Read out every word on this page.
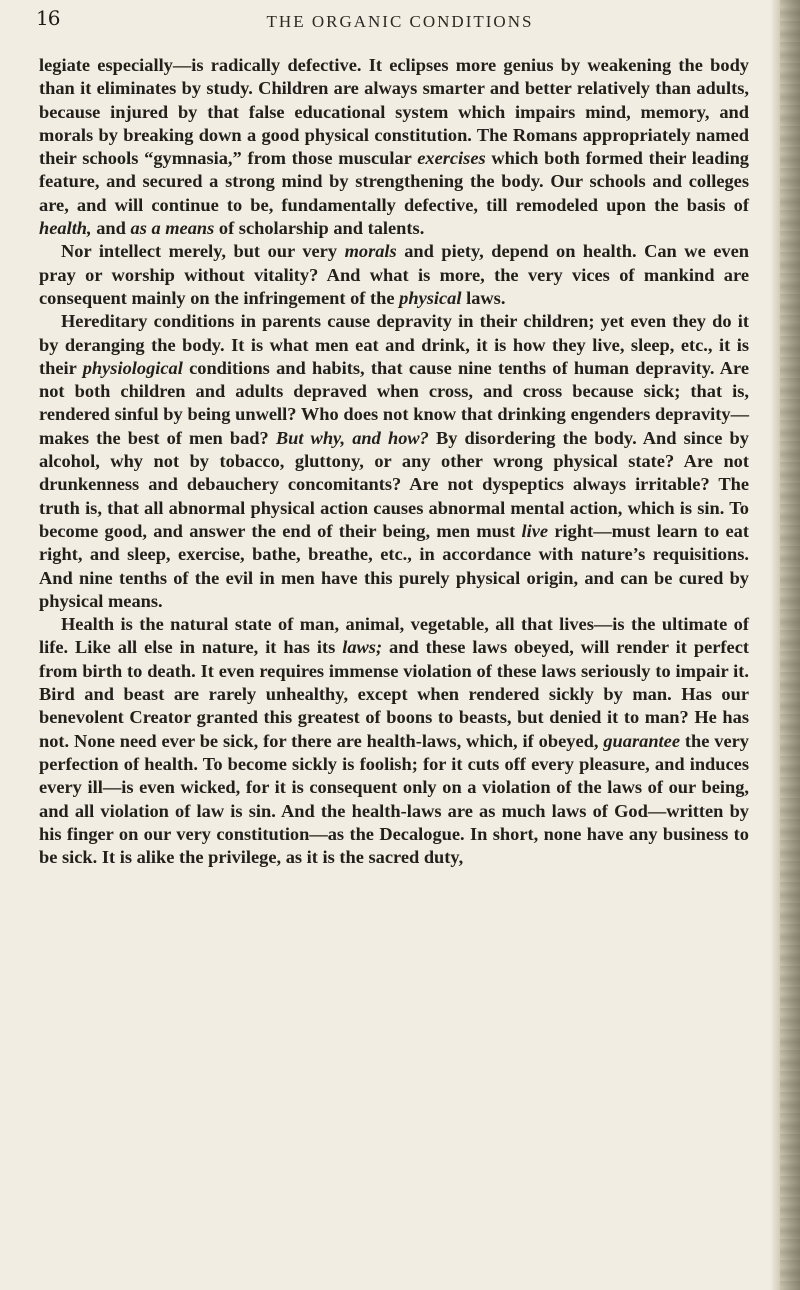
16	THE ORGANIC CONDITIONS

legiate especially—is radically defective. It eclipses more genius by weakening the body than it eliminates by study. Children are always smarter and better relatively than adults, because injured by that false educational system which impairs mind, memory, and morals by breaking down a good physical constitution. The Romans appropriately named their schools “gymnasia,” from those muscular exercises which both formed their leading feature, and secured a strong mind by strengthening the body. Our schools and colleges are, and will continue to be, fundamentally defective, till remodeled upon the basis of health, and as a means of scholarship and talents.

Nor intellect merely, but our very morals and piety, depend on health. Can we even pray or worship without vitality? And what is more, the very vices of mankind are consequent mainly on the infringement of the physical laws.

Hereditary conditions in parents cause depravity in their children; yet even they do it by deranging the body. It is what men eat and drink, it is how they live, sleep, etc., it is their physiological conditions and habits, that cause nine tenths of human depravity. Are not both children and adults depraved when cross, and cross because sick; that is, rendered sinful by being unwell? Who does not know that drinking engenders depravity—makes the best of men bad? But why, and how? By disordering the body. And since by alcohol, why not by tobacco, gluttony, or any other wrong physical state? Are not drunkenness and debauchery concomitants? Are not dyspeptics always irritable? The truth is, that all abnormal physical action causes abnormal mental action, which is sin. To become good, and answer the end of their being, men must live right—must learn to eat right, and sleep, exercise, bathe, breathe, etc., in accordance with nature’s requisitions. And nine tenths of the evil in men have this purely physical origin, and can be cured by physical means.

Health is the natural state of man, animal, vegetable, all that lives—is the ultimate of life. Like all else in nature, it has its laws; and these laws obeyed, will render it perfect from birth to death. It even requires immense violation of these laws seriously to impair it. Bird and beast are rarely unhealthy, except when rendered sickly by man. Has our benevolent Creator granted this greatest of boons to beasts, but denied it to man? He has not. None need ever be sick, for there are health-laws, which, if obeyed, guarantee the very perfection of health. To become sickly is foolish; for it cuts off every pleasure, and induces every ill—is even wicked, for it is consequent only on a violation of the laws of our being, and all violation of law is sin. And the health-laws are as much laws of God—written by his finger on our very constitution—as the Decalogue. In short, none have any business to be sick. It is alike the privilege, as it is the sacred duty,
